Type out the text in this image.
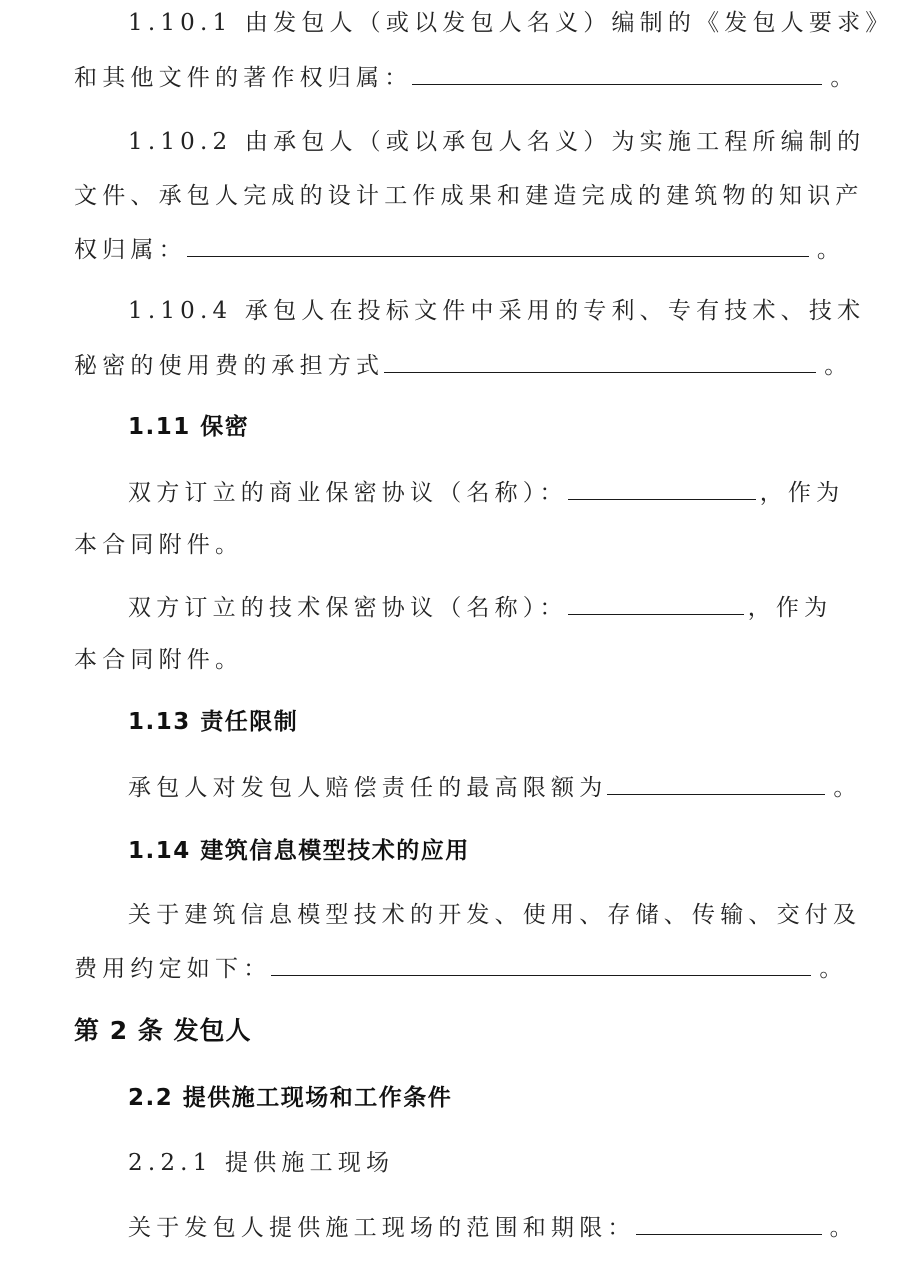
1.10.1 由发包人（或以发包人名义）编制的《发包人要求》
和其他文件的著作权归属：	。
1.10.2 由承包人（或以承包人名义）为实施工程所编制的
文件、承包人完成的设计工作成果和建造完成的建筑物的知识产
权归属：	。
1.10.4 承包人在投标文件中采用的专利、专有技术、技术
秘密的使用费的承担方式	。
1.11 保密
双方订立的商业保密协议（名称）：	，作为
本合同附件。
双方订立的技术保密协议（名称）：	，作为
本合同附件。
1.13 责任限制
承包人对发包人赔偿责任的最高限额为	。
1.14 建筑信息模型技术的应用
关于建筑信息模型技术的开发、使用、存储、传输、交付及
费用约定如下：	。
第 2 条 发包人
2.2 提供施工现场和工作条件
2.2.1 提供施工现场
关于发包人提供施工现场的范围和期限：	。
